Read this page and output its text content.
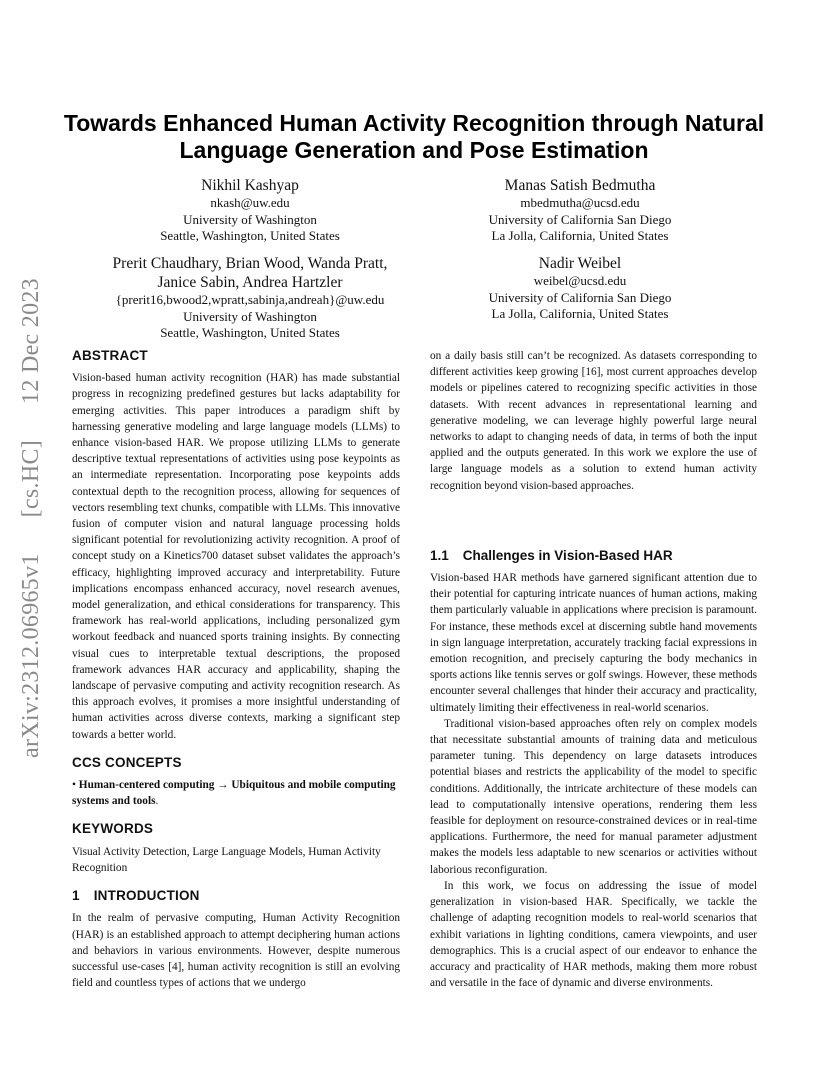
arXiv:2312.06965v1
[cs.HC]
12 Dec 2023
Towards Enhanced Human Activity Recognition through Natural Language Generation and Pose Estimation
Nikhil Kashyap
nkash@uw.edu
University of Washington
Seattle, Washington, United States
Manas Satish Bedmutha
mbedmutha@ucsd.edu
University of California San Diego
La Jolla, California, United States
Prerit Chaudhary, Brian Wood, Wanda Pratt,
Janice Sabin, Andrea Hartzler
{prerit16,bwood2,wpratt,sabinja,andreah}@uw.edu
University of Washington
Seattle, Washington, United States
Nadir Weibel
weibel@ucsd.edu
University of California San Diego
La Jolla, California, United States
ABSTRACT

Vision-based human activity recognition (HAR) has made substantial progress in recognizing predefined gestures but lacks adaptability for emerging activities. This paper introduces a paradigm shift by harnessing generative modeling and large language models (LLMs) to enhance vision-based HAR. We propose utilizing LLMs to generate descriptive textual representations of activities using pose keypoints as an intermediate representation. Incorporating pose keypoints adds contextual depth to the recognition process, allowing for sequences of vectors resembling text chunks, compatible with LLMs. This innovative fusion of computer vision and natural language processing holds significant potential for revolutionizing activity recognition. A proof of concept study on a Kinetics700 dataset subset validates the approach’s efficacy, highlighting improved accuracy and interpretability. Future implications encompass enhanced accuracy, novel research avenues, model generalization, and ethical considerations for transparency. This framework has real-world applications, including personalized gym workout feedback and nuanced sports training insights. By connecting visual cues to interpretable textual descriptions, the proposed framework advances HAR accuracy and applicability, shaping the landscape of pervasive computing and activity recognition research. As this approach evolves, it promises a more insightful understanding of human activities across diverse contexts, marking a significant step towards a better world.

CCS CONCEPTS

• Human-centered computing → Ubiquitous and mobile computing systems and tools.

KEYWORDS

Visual Activity Detection, Large Language Models, Human Activity Recognition

1 INTRODUCTION

In the realm of pervasive computing, Human Activity Recognition (HAR) is an established approach to attempt deciphering human actions and behaviors in various environments. However, despite numerous successful use-cases [4], human activity recognition is still an evolving field and countless types of actions that we undergo

on a daily basis still can’t be recognized. As datasets corresponding to different activities keep growing [16], most current approaches develop models or pipelines catered to recognizing specific activities in those datasets. With recent advances in representational learning and generative modeling, we can leverage highly powerful large neural networks to adapt to changing needs of data, in terms of both the input applied and the outputs generated. In this work we explore the use of large language models as a solution to extend human activity recognition beyond vision-based approaches.

1.1 Challenges in Vision-Based HAR

Vision-based HAR methods have garnered significant attention due to their potential for capturing intricate nuances of human actions, making them particularly valuable in applications where precision is paramount. For instance, these methods excel at discerning subtle hand movements in sign language interpretation, accurately tracking facial expressions in emotion recognition, and precisely capturing the body mechanics in sports actions like tennis serves or golf swings. However, these methods encounter several challenges that hinder their accuracy and practicality, ultimately limiting their effectiveness in real-world scenarios.

Traditional vision-based approaches often rely on complex models that necessitate substantial amounts of training data and meticulous parameter tuning. This dependency on large datasets introduces potential biases and restricts the applicability of the model to specific conditions. Additionally, the intricate architecture of these models can lead to computationally intensive operations, rendering them less feasible for deployment on resource-constrained devices or in real-time applications. Furthermore, the need for manual parameter adjustment makes the models less adaptable to new scenarios or activities without laborious reconfiguration.

In this work, we focus on addressing the issue of model generalization in vision-based HAR. Specifically, we tackle the challenge of adapting recognition models to real-world scenarios that exhibit variations in lighting conditions, camera viewpoints, and user demographics. This is a crucial aspect of our endeavor to enhance the accuracy and practicality of HAR methods, making them more robust and versatile in the face of dynamic and diverse environments.
